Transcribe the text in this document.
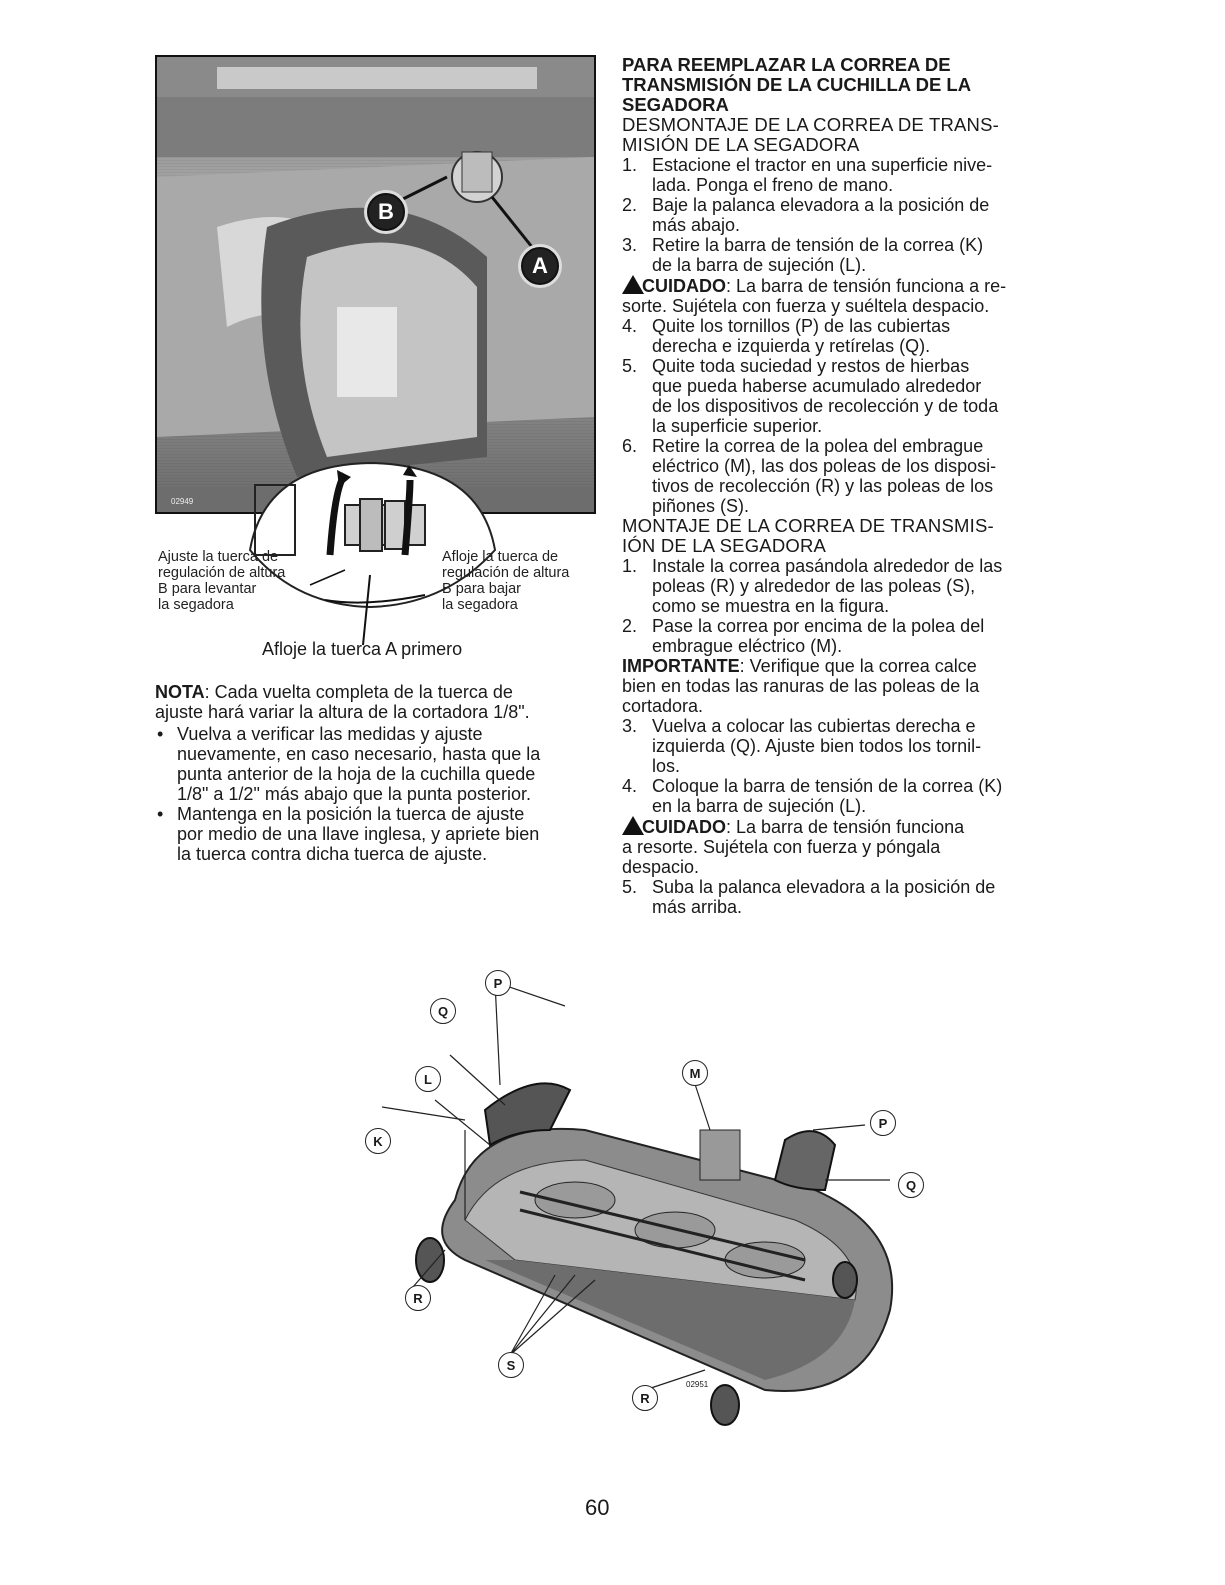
B
A
02949
Ajuste la tuerca de
regulación de altura
B para levantar
la segadora
Afloje la tuerca de
regulación de altura
B para bajar
la segadora
Afloje la tuerca A primero
NOTA: Cada vuelta completa de la tuerca de
ajuste hará variar la altura de la cortadora 1/8".
• Vuelva a verificar las medidas y ajuste
nuevamente, en caso necesario, hasta que la
punta anterior de la hoja de la cuchilla quede
1/8" a 1/2" más abajo que la punta posterior.
• Mantenga en la posición la tuerca de ajuste
por medio de una llave inglesa, y apriete bien
la tuerca contra dicha tuerca de ajuste.
PARA REEMPLAZAR LA CORREA DE
TRANSMISIÓN DE LA CUCHILLA DE LA
SEGADORA
DESMONTAJE DE LA CORREA DE TRANS-
MISIÓN DE LA SEGADORA
1. Estacione el tractor en una superficie nive-
lada. Ponga el freno de mano.
2. Baje la palanca elevadora a la posición de
más abajo.
3. Retire la barra de tensión de la correa (K)
de la barra de sujeción (L).
CUIDADO: La barra de tensión funciona a re-
sorte. Sujétela con fuerza y suéltela despacio.
4. Quite los tornillos (P) de las cubiertas
derecha e izquierda y retírelas (Q).
5. Quite toda suciedad y restos de hierbas
que pueda haberse acumulado alrededor
de los dispositivos de recolección y de toda
la superficie superior.
6. Retire la correa de la polea del embrague
eléctrico (M), las dos poleas de los disposi-
tivos de recolección (R) y las poleas de los
piñones (S).
MONTAJE DE LA CORREA DE TRANSMIS-
IÓN DE LA SEGADORA
1. Instale la correa pasándola alrededor de las
poleas (R) y alrededor de las poleas (S),
como se muestra en la figura.
2. Pase la correa por encima de la polea del
embrague eléctrico (M).
IMPORTANTE: Verifique que la correa calce
bien en todas las ranuras de las poleas de la
cortadora.
3. Vuelva a colocar las cubiertas derecha e
izquierda (Q). Ajuste bien todos los tornil-
los.
4. Coloque la barra de tensión de la correa (K)
en la barra de sujeción (L).
CUIDADO: La barra de tensión funciona
a resorte. Sujétela con fuerza y póngala
despacio.
5. Suba la palanca elevadora a la posición de
más arriba.
P
Q
L
K
M
P
Q
R
S
R
02951
60
